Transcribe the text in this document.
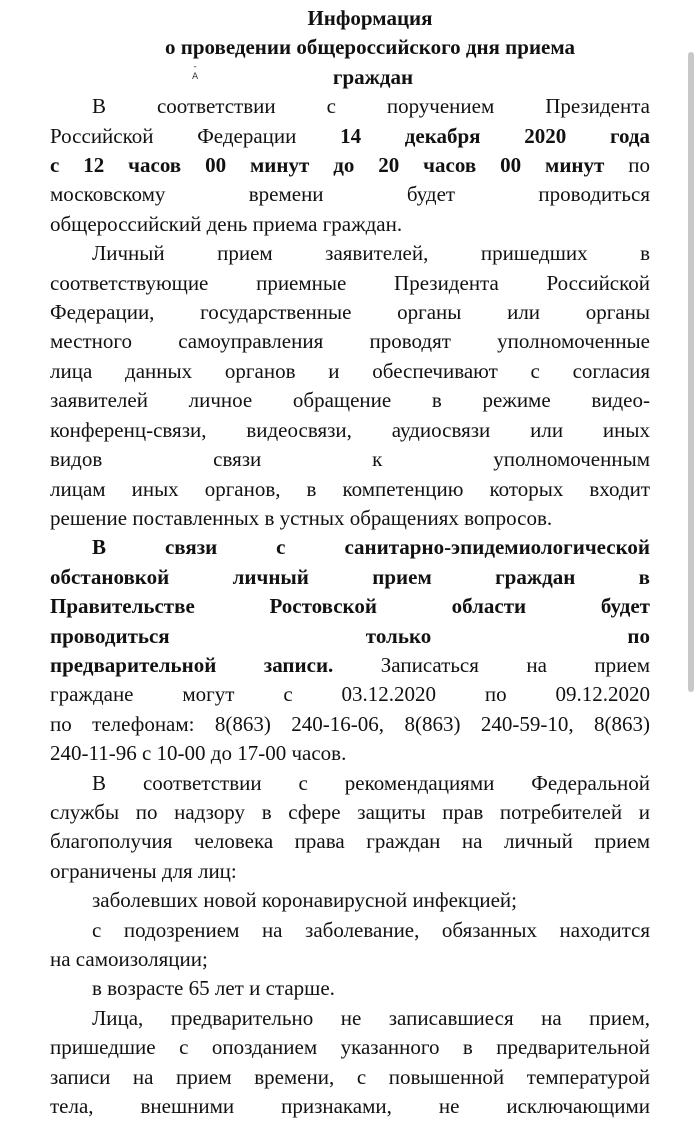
Информация
о проведении общероссийского дня приема
граждан
В соответствии с поручением Президента
Российской Федерации 14 декабря 2020 года
с 12 часов 00 минут до 20 часов 00 минут по
московскому времени будет проводиться
общероссийский день приема граждан.
Личный прием заявителей, пришедших в
соответствующие приемные Президента Российской
Федерации, государственные органы или органы
местного самоуправления проводят уполномоченные
лица данных органов и обеспечивают с согласия
заявителей личное обращение в режиме видео-
конференц-связи, видеосвязи, аудиосвязи или иных
видов связи	к уполномоченным
лицам иных органов, в компетенцию которых входит
решение поставленных в устных обращениях вопросов.
В связи с санитарно-эпидемиологической
обстановкой личный прием граждан в
Правительстве Ростовской области будет
проводиться только	по
предварительной записи. Записаться на прием
граждане могут с 03.12.2020 по 09.12.2020
по телефонам: 8(863) 240-16-06, 8(863) 240-59-10, 8(863)
240-11-96 с 10-00 до 17-00 часов.
В соответствии с рекомендациями Федеральной
службы по надзору в сфере защиты прав потребителей и
благополучия человека права граждан на личный прием
ограничены для лиц:
заболевших новой коронавирусной инфекцией;
с подозрением на заболевание, обязанных находится
на самоизоляции;
в возрасте 65 лет и старше.
Лица, предварительно не записавшиеся на прием,
пришедшие с опозданием указанного в предварительной
записи на прием времени, с повышенной температурой
тела, внешними признаками, не исключающими
-
A
